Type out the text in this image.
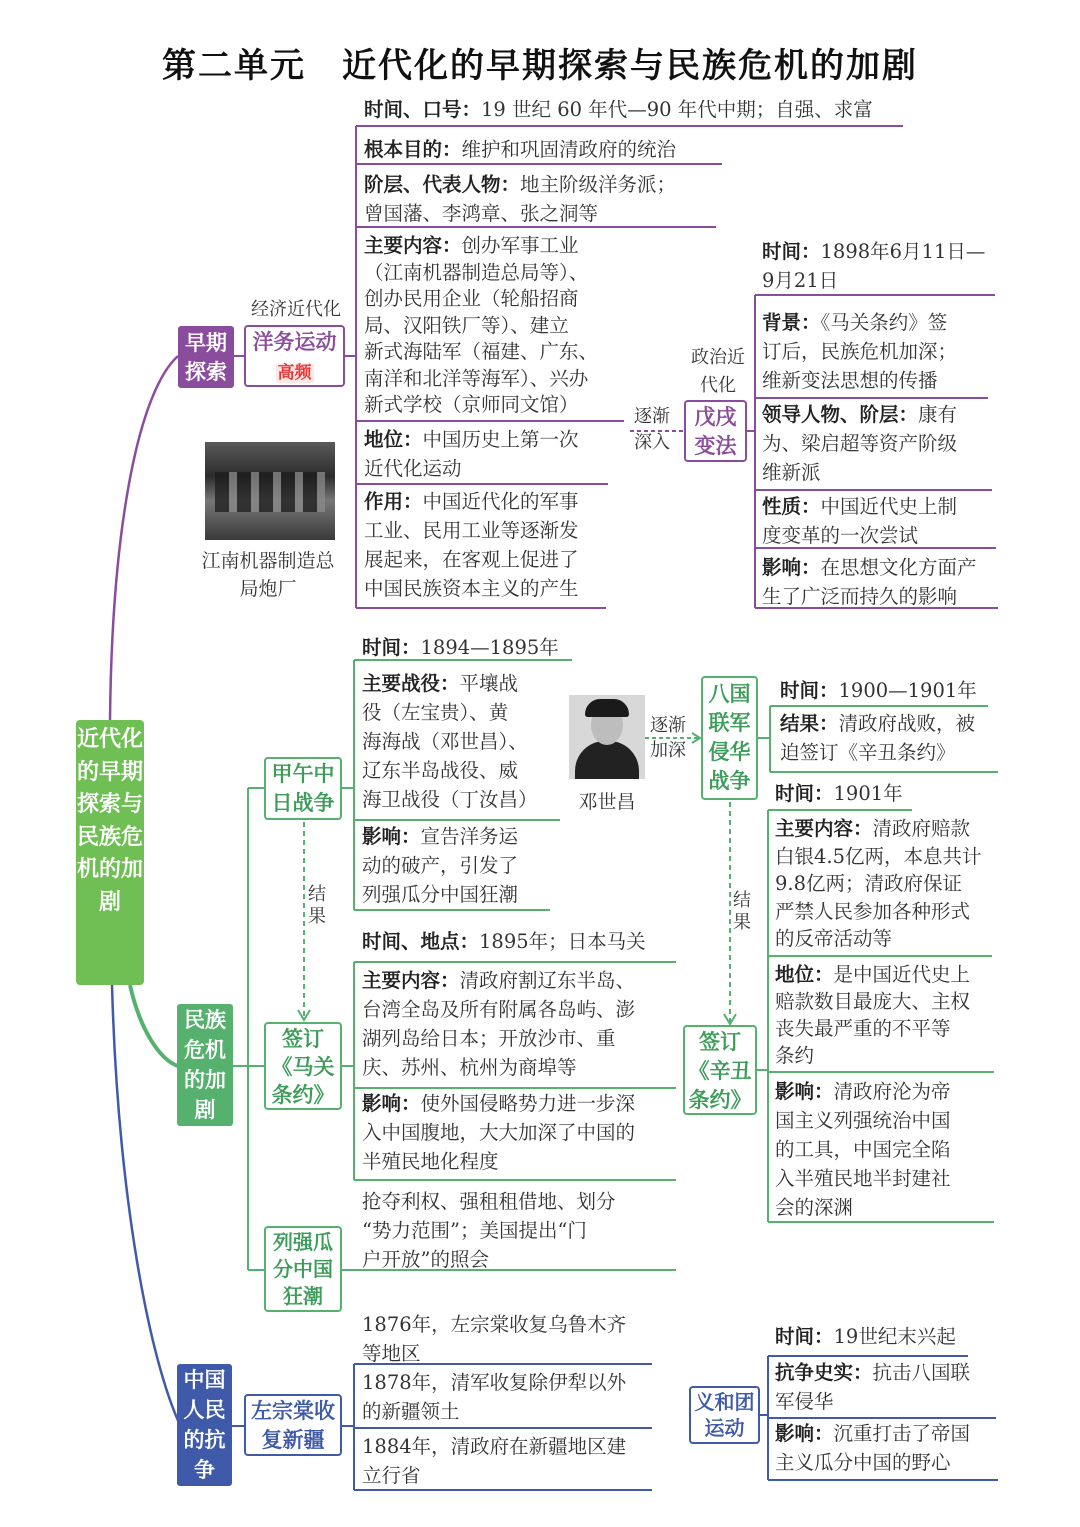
第二单元　近代化的早期探索与民族危机的加剧
近代化的早期探索与民族危机的加剧
早期探索
民族危机的加剧
中国人民的抗争
经济近代化
洋务运动 高频
江南机器制造总局炮厂
时间、口号：19 世纪 60 年代—90 年代中期；自强、求富
根本目的：维护和巩固清政府的统治
阶层、代表人物：地主阶级洋务派；
曾国藩、李鸿章、张之洞等
主要内容：创办军事工业
（江南机器制造总局等）、
创办民用企业（轮船招商
局、汉阳铁厂等）、建立
新式海陆军（福建、广东、
南洋和北洋等海军）、兴办
新式学校（京师同文馆）
地位：中国历史上第一次
近代化运动
作用：中国近代化的军事
工业、民用工业等逐渐发
展起来，在客观上促进了
中国民族资本主义的产生
逐渐深入
政治近代化
戊戌变法
时间：1898年6月11日—
9月21日
背景：《马关条约》签
订后，民族危机加深；
维新变法思想的传播
领导人物、阶层：康有
为、梁启超等资产阶级
维新派
性质：中国近代史上制
度变革的一次尝试
影响：在思想文化方面产
生了广泛而持久的影响
甲午中日战争
结果
时间：1894—1895年
主要战役：平壤战
役（左宝贵）、黄
海海战（邓世昌）、
辽东半岛战役、威
海卫战役（丁汝昌）
影响：宣告洋务运
动的破产，引发了
列强瓜分中国狂潮
邓世昌
签订《马关条约》
时间、地点：1895年；日本马关
主要内容：清政府割辽东半岛、
台湾全岛及所有附属各岛屿、澎
湖列岛给日本；开放沙市、重
庆、苏州、杭州为商埠等
影响：使外国侵略势力进一步深
入中国腹地，大大加深了中国的
半殖民地化程度
列强瓜分中国狂潮
抢夺利权、强租租借地、划分
“势力范围”；美国提出“门
户开放”的照会
逐渐加深
八国联军侵华战争
结果
时间：1900—1901年
结果：清政府战败，被
迫签订《辛丑条约》
签订《辛丑条约》
时间：1901年
主要内容：清政府赔款
白银4.5亿两，本息共计
9.8亿两；清政府保证
严禁人民参加各种形式
的反帝活动等
地位：是中国近代史上
赔款数目最庞大、主权
丧失最严重的不平等
条约
影响：清政府沦为帝
国主义列强统治中国
的工具，中国完全陷
入半殖民地半封建社
会的深渊
左宗棠收复新疆
1876年，左宗棠收复乌鲁木齐
等地区
1878年，清军收复除伊犁以外
的新疆领土
1884年，清政府在新疆地区建
立行省
义和团运动
时间：19世纪末兴起
抗争史实：抗击八国联
军侵华
影响：沉重打击了帝国
主义瓜分中国的野心
